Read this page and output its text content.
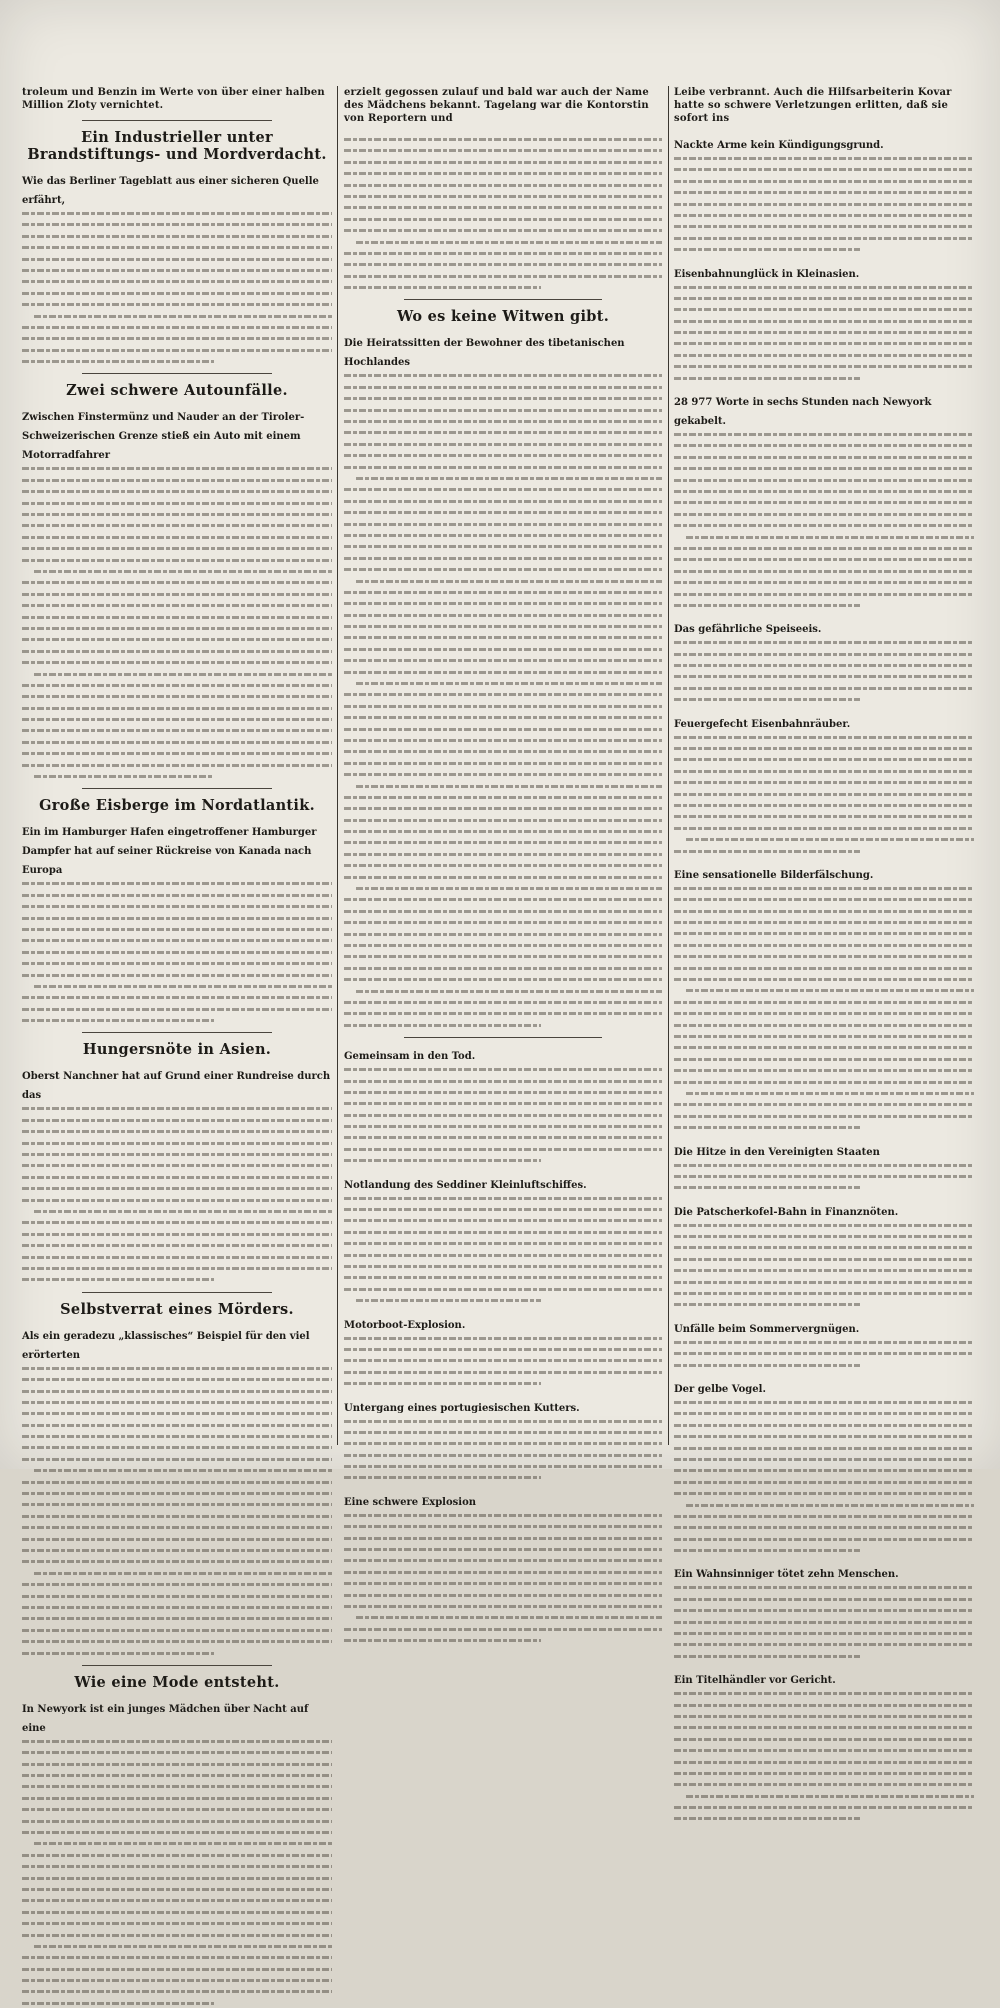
troleum und Benzin im Werte von über einer halben Million Zloty vernichtet.
Ein Industrieller unter Brandstiftungs- und Mordverdacht.
Wie das Berliner Tageblatt aus einer sicheren Quelle erfährt,
Zwei schwere Autounfälle.
Zwischen Finstermünz und Nauder an der Tiroler-Schweizerischen Grenze stieß ein Auto mit einem Motorradfahrer
Große Eisberge im Nordatlantik.
Ein im Hamburger Hafen eingetroffener Hamburger Dampfer hat auf seiner Rückreise von Kanada nach Europa
Hungersnöte in Asien.
Oberst Nanchner hat auf Grund einer Rundreise durch das
Selbstverrat eines Mörders.
Als ein geradezu „klassisches“ Beispiel für den viel erörterten
Wie eine Mode entsteht.
In Newyork ist ein junges Mädchen über Nacht auf eine
erzielt gegossen zulauf und bald war auch der Name des Mädchens bekannt. Tagelang war die Kontorstin von Reportern und
Wo es keine Witwen gibt.
Die Heiratssitten der Bewohner des tibetanischen Hochlandes
Gemeinsam in den Tod.
Notlandung des Seddiner Kleinluftschiffes.
Motorboot-Explosion.
Untergang eines portugiesischen Kutters.
Eine schwere Explosion
Leibe verbrannt. Auch die Hilfsarbeiterin Kovar hatte so schwere Verletzungen erlitten, daß sie sofort ins
Nackte Arme kein Kündigungsgrund.
Eisenbahnunglück in Kleinasien.
28 977 Worte in sechs Stunden nach Newyork gekabelt.
Das gefährliche Speiseeis.
Feuergefecht Eisenbahnräuber.
Eine sensationelle Bilderfälschung.
Die Hitze in den Vereinigten Staaten
Die Patscherkofel-Bahn in Finanznöten.
Unfälle beim Sommervergnügen.
Der gelbe Vogel.
Ein Wahnsinniger tötet zehn Menschen.
Ein Titelhändler vor Gericht.
